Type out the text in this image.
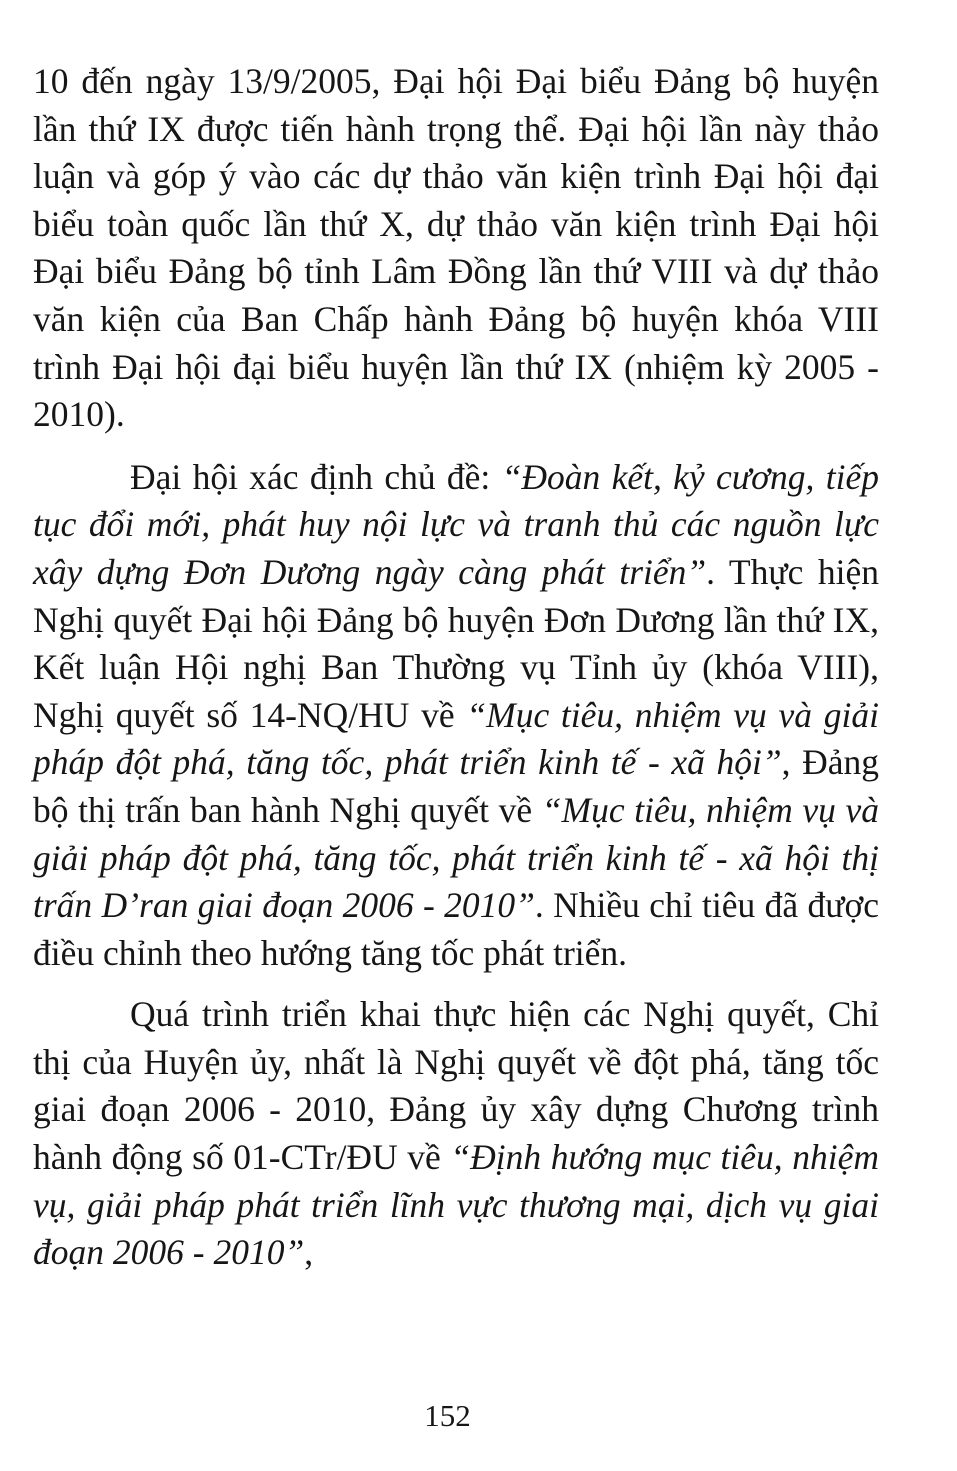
10 đến ngày 13/9/2005, Đại hội Đại biểu Đảng bộ huyện lần thứ IX được tiến hành trọng thể. Đại hội lần này thảo luận và góp ý vào các dự thảo văn kiện trình Đại hội đại biểu toàn quốc lần thứ X, dự thảo văn kiện trình Đại hội Đại biểu Đảng bộ tỉnh Lâm Đồng lần thứ VIII và dự thảo văn kiện của Ban Chấp hành Đảng bộ huyện khóa VIII trình Đại hội đại biểu huyện lần thứ IX (nhiệm kỳ 2005 - 2010).

Đại hội xác định chủ đề: “Đoàn kết, kỷ cương, tiếp tục đổi mới, phát huy nội lực và tranh thủ các nguồn lực xây dựng Đơn Dương ngày càng phát triển”. Thực hiện Nghị quyết Đại hội Đảng bộ huyện Đơn Dương lần thứ IX, Kết luận Hội nghị Ban Thường vụ Tỉnh ủy (khóa VIII), Nghị quyết số 14-NQ/HU về “Mục tiêu, nhiệm vụ và giải pháp đột phá, tăng tốc, phát triển kinh tế - xã hội”, Đảng bộ thị trấn ban hành Nghị quyết về “Mục tiêu, nhiệm vụ và giải pháp đột phá, tăng tốc, phát triển kinh tế - xã hội thị trấn D’ran giai đoạn 2006 - 2010”. Nhiều chỉ tiêu đã được điều chỉnh theo hướng tăng tốc phát triển.

Quá trình triển khai thực hiện các Nghị quyết, Chỉ thị của Huyện ủy, nhất là Nghị quyết về đột phá, tăng tốc giai đoạn 2006 - 2010, Đảng ủy xây dựng Chương trình hành động số 01-CTr/ĐU về “Định hướng mục tiêu, nhiệm vụ, giải pháp phát triển lĩnh vực thương mại, dịch vụ giai đoạn 2006 - 2010”,

152
